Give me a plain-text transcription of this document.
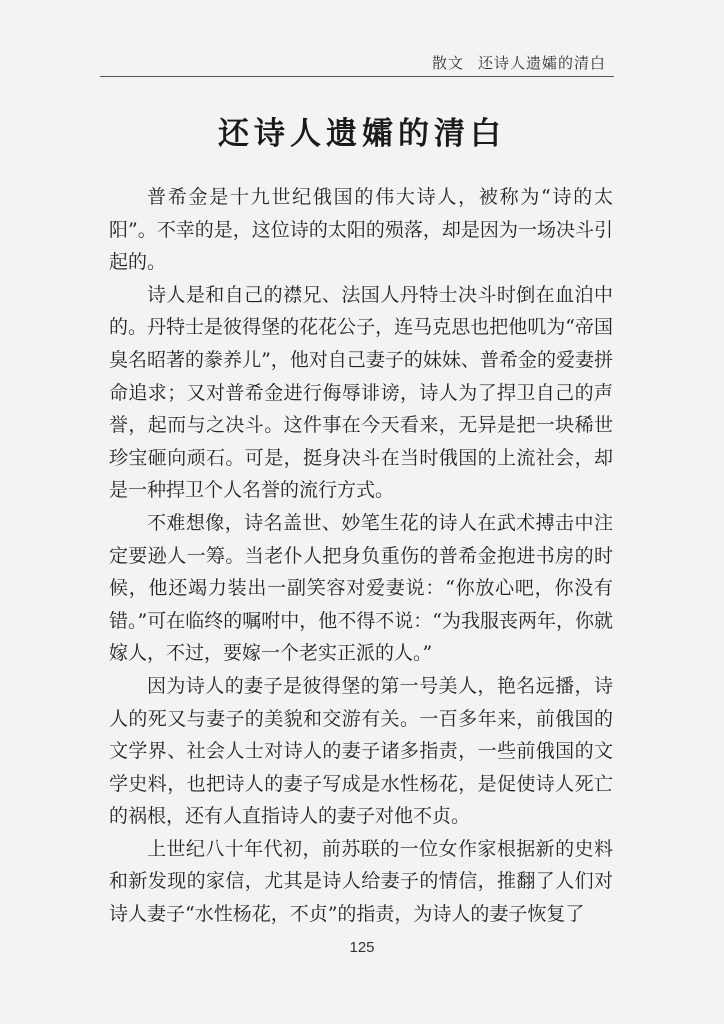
散文 还诗人遗孀的清白
还诗人遗孀的清白

普希金是十九世纪俄国的伟大诗人，被称为“诗的太阳”。不幸的是，这位诗的太阳的殒落，却是因为一场决斗引起的。

诗人是和自己的襟兄、法国人丹特士决斗时倒在血泊中的。丹特士是彼得堡的花花公子，连马克思也把他叽为“帝国臭名昭著的豢养儿”，他对自己妻子的妹妹、普希金的爱妻拼命追求；又对普希金进行侮辱诽谤，诗人为了捍卫自己的声誉，起而与之决斗。这件事在今天看来，无异是把一块稀世珍宝砸向顽石。可是，挺身决斗在当时俄国的上流社会，却是一种捍卫个人名誉的流行方式。

不难想像，诗名盖世、妙笔生花的诗人在武术搏击中注定要逊人一筹。当老仆人把身负重伤的普希金抱进书房的时候，他还竭力装出一副笑容对爱妻说：“你放心吧，你没有错。”可在临终的嘱咐中，他不得不说：“为我服丧两年，你就嫁人，不过，要嫁一个老实正派的人。”

因为诗人的妻子是彼得堡的第一号美人，艳名远播，诗人的死又与妻子的美貌和交游有关。一百多年来，前俄国的文学界、社会人士对诗人的妻子诸多指责，一些前俄国的文学史料，也把诗人的妻子写成是水性杨花，是促使诗人死亡的祸根，还有人直指诗人的妻子对他不贞。

上世纪八十年代初，前苏联的一位女作家根据新的史料和新发现的家信，尤其是诗人给妻子的情信，推翻了人们对诗人妻子“水性杨花，不贞”的指责，为诗人的妻子恢复了

125
